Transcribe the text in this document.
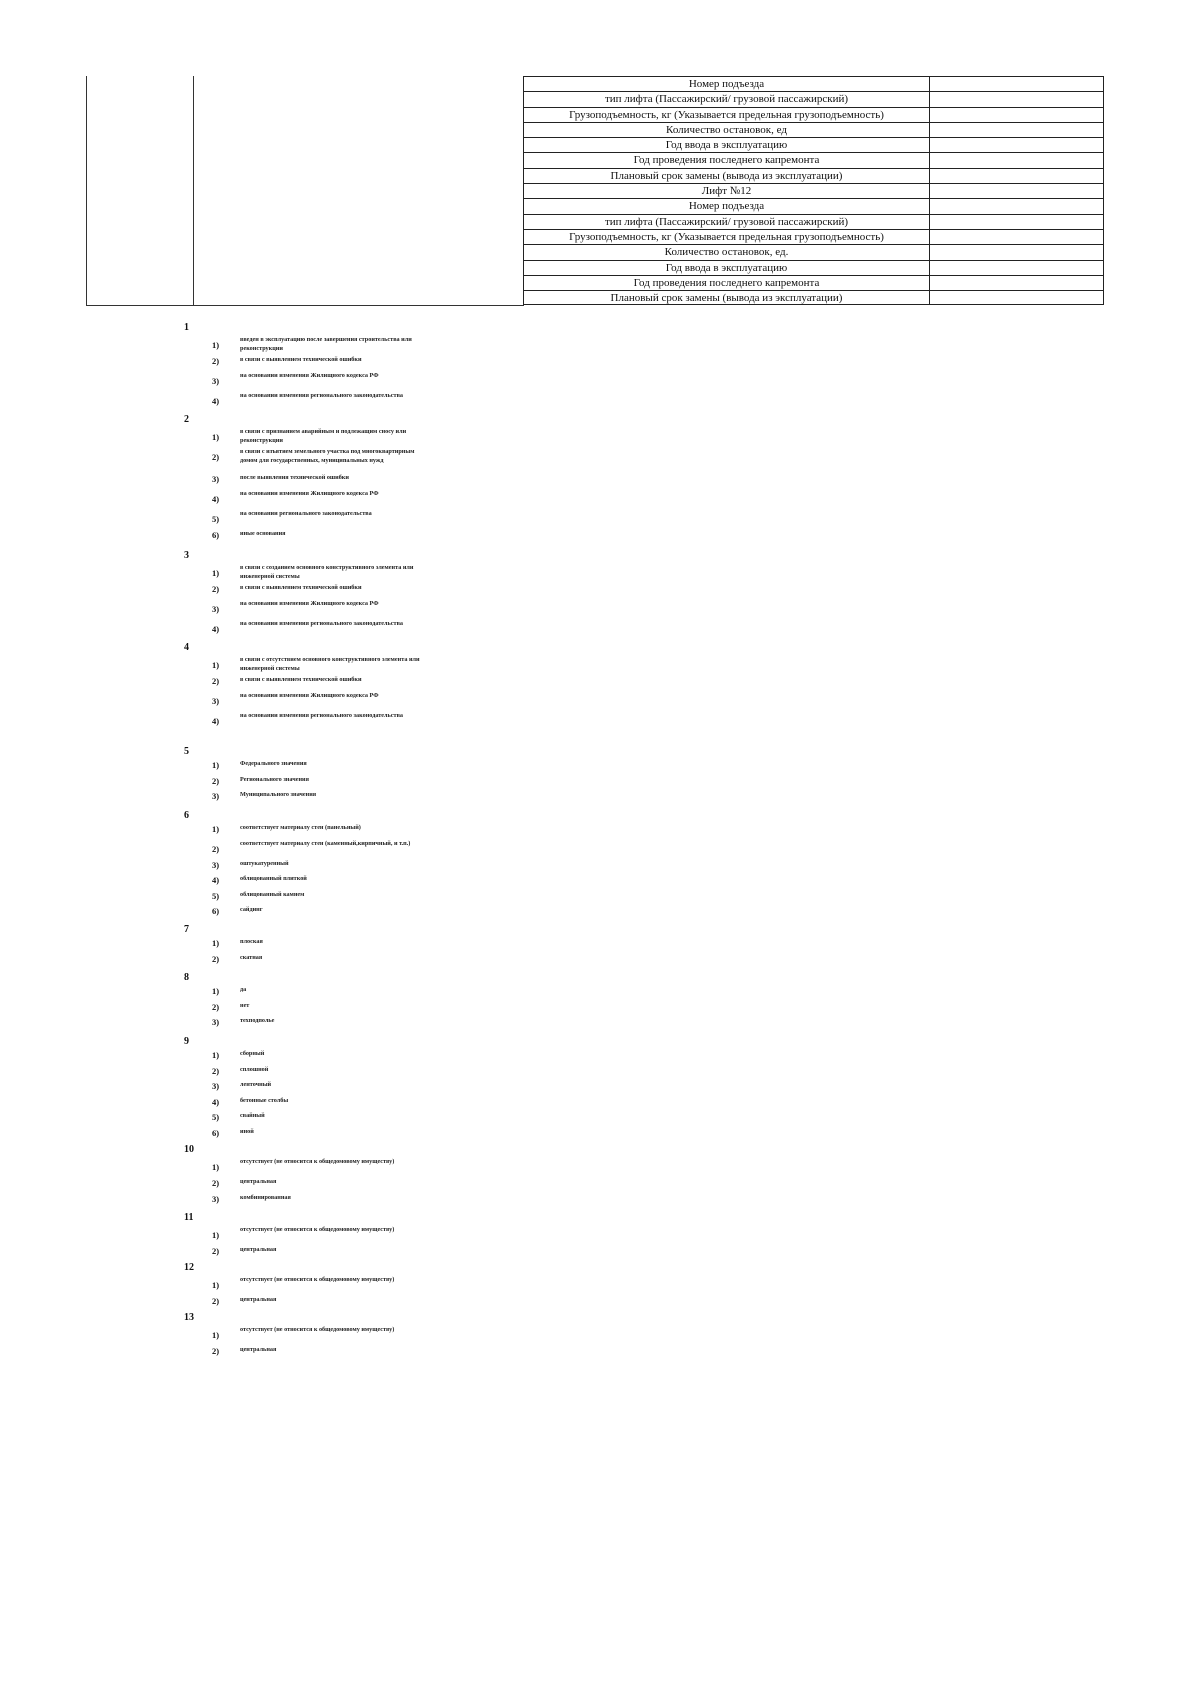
Номер подъезда
тип лифта (Пассажирский/ грузовой пассажирский)
Грузоподъемность, кг (Указывается предельная грузоподъемность)
Количество остановок, ед
Год ввода в эксплуатацию
Год проведения последнего капремонта
Плановый срок замены (вывода из эксплуатации)
Лифт №12
Номер подъезда
тип лифта (Пассажирский/ грузовой пассажирский)
Грузоподъемность, кг (Указывается предельная грузоподъемность)
Количество остановок, ед.
Год ввода в эксплуатацию
Год проведения последнего капремонта
Плановый срок замены (вывода из эксплуатации)
1
1)
введен в эксплуатацию после завершения строительства или реконструкции
2)	в связи с выявлением технической ошибки
3)
на основании изменения Жилищного кодекса РФ
4)
на основании изменения регионального законодательства
2
1)
в связи с признанием аварийным и подлежащим сносу или реконструкции
2)
в связи с изъятием земельного участка под многоквартирным домом для государственных, муниципальных нужд
3)	после выявления технической ошибки
4)
на основании изменения Жилищного кодекса РФ
5)
на основании регионального законодательства
6)	иные основания
3
1)
в связи с созданием основного конструктивного элемента или инженерной системы
2)	в связи с выявлением технической ошибки
3)
на основании изменения Жилищного кодекса РФ
4)
на основании изменения регионального законодательства
4
1)
в связи с отсутствием основного конструктивного элемента или инженерной системы
2)	в связи с выявлением технической ошибки
3)
на основании изменения Жилищного кодекса РФ
4)
на основании изменения регионального законодательства
5
1)	Федерального значения
2)	Регионального значения
3)	Муниципального значения
6
1)	соответствует материалу стен (панельный)
2)
соответствует материалу стен (каменный,кирпичный, и т.п.)
3)	оштукатуренный
4)	облицованный плиткой
5)	облицованный камнем
6)	сайдинг
7
1)	плоская
2)	скатная
8
1)	да
2)	нет
3)	техподполье
9
1)	сборный
2)	сплошной
3)	ленточный
4)	бетонные столбы
5)	свайный
6)	иной
10
1)
отсутствует (не относится к общедомовому имуществу)
2)	центральная
3)	комбинированная
11
1)
отсутствует (не относится к общедомовому имуществу)
2)	центральная
12
1)
отсутствует (не относится к общедомовому имуществу)
2)	центральная
13
1)
отсутствует (не относится к общедомовому имуществу)
2)	центральная
